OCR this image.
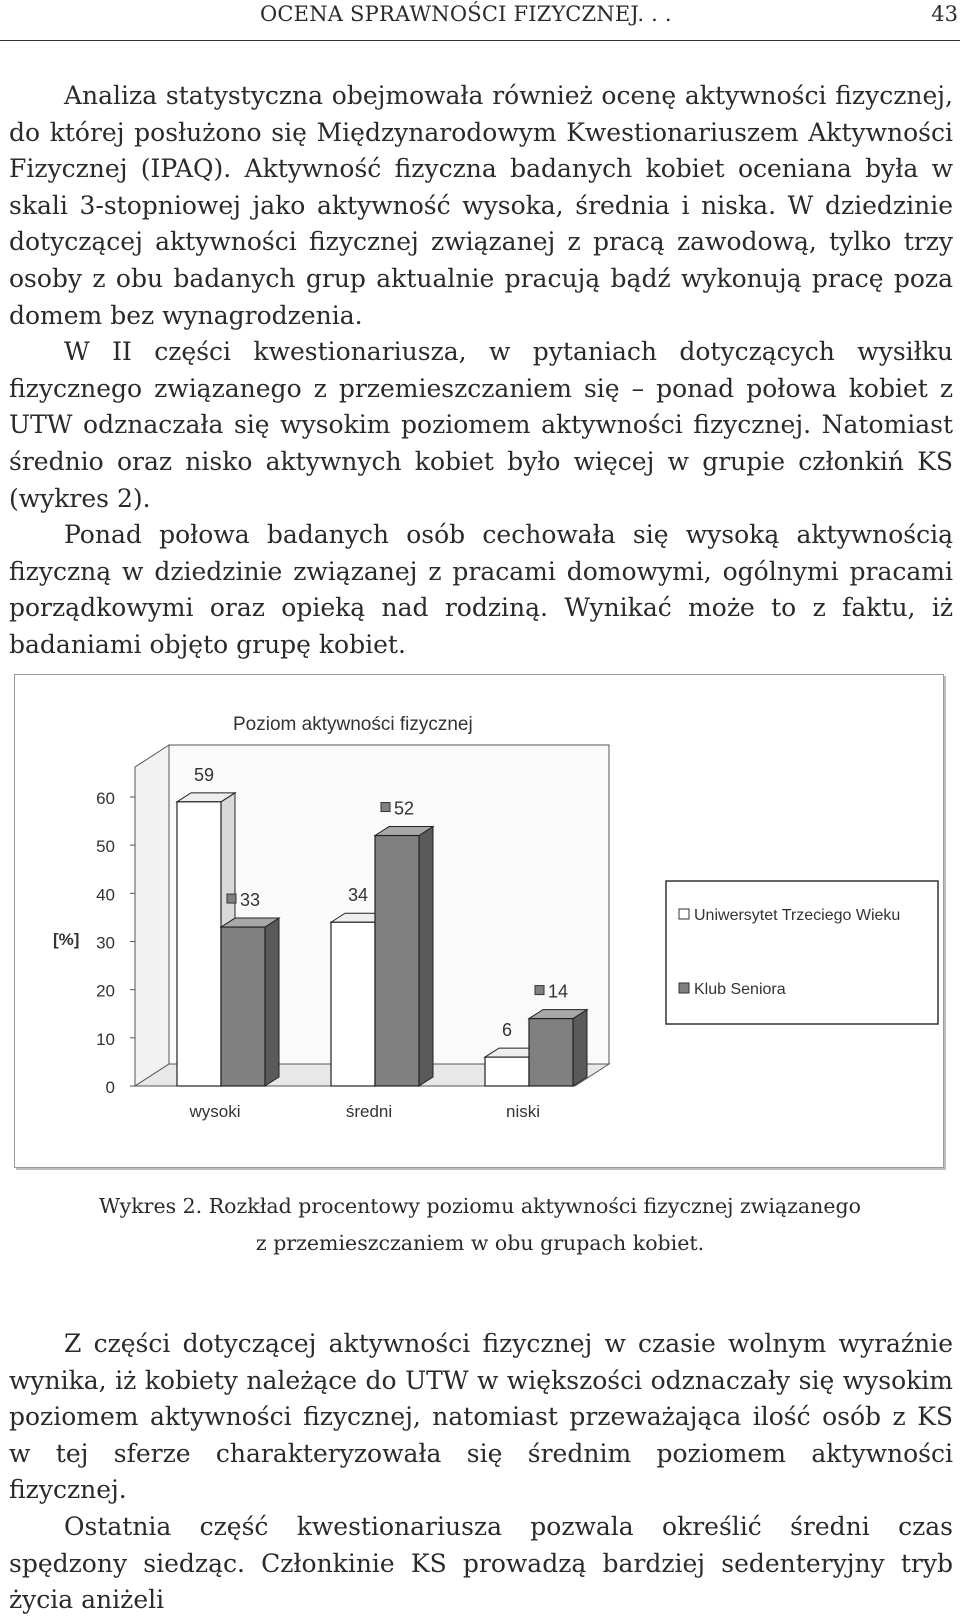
OCENA SPRAWNOŚCI FIZYCZNEJ. . .	43

Analiza statystyczna obejmowała również ocenę aktywności fizycznej, do której posłużono się Międzynarodowym Kwestionariuszem Aktywności Fizycznej (IPAQ). Aktywność fizyczna badanych kobiet oceniana była w skali 3-stopniowej jako aktywność wysoka, średnia i niska. W dziedzinie dotyczącej aktywności fizycznej związanej z pracą zawodową, tylko trzy osoby z obu badanych grup aktualnie pracują bądź wykonują pracę poza domem bez wynagrodzenia.

W II części kwestionariusza, w pytaniach dotyczących wysiłku fizycznego związanego z przemieszczaniem się – ponad połowa kobiet z UTW odznaczała się wysokim poziomem aktywności fizycznej. Natomiast średnio oraz nisko aktywnych kobiet było więcej w grupie członkiń KS (wykres 2).

Ponad połowa badanych osób cechowała się wysoką aktywnością fizyczną w dziedzinie związanej z pracami domowymi, ogólnymi pracami porządkowymi oraz opieką nad rodziną. Wynikać może to z faktu, iż badaniami objęto grupę kobiet.

Poziom aktywności fizycznej
0
10
20
30
40
50
60
[%]
59
33
wysoki
34
52
średni
6
14
niski
Uniwersytet Trzeciego Wieku
Klub Seniora
Wykres 2. Rozkład procentowy poziomu aktywności fizycznej związanego
z przemieszczaniem w obu grupach kobiet.

Z części dotyczącej aktywności fizycznej w czasie wolnym wyraźnie wynika, iż kobiety należące do UTW w większości odznaczały się wysokim poziomem aktywności fizycznej, natomiast przeważająca ilość osób z KS w tej sferze charakteryzowała się średnim poziomem aktywności fizycznej.

Ostatnia część kwestionariusza pozwala określić średni czas spędzony siedząc. Członkinie KS prowadzą bardziej sedenteryjny tryb życia aniżeli
